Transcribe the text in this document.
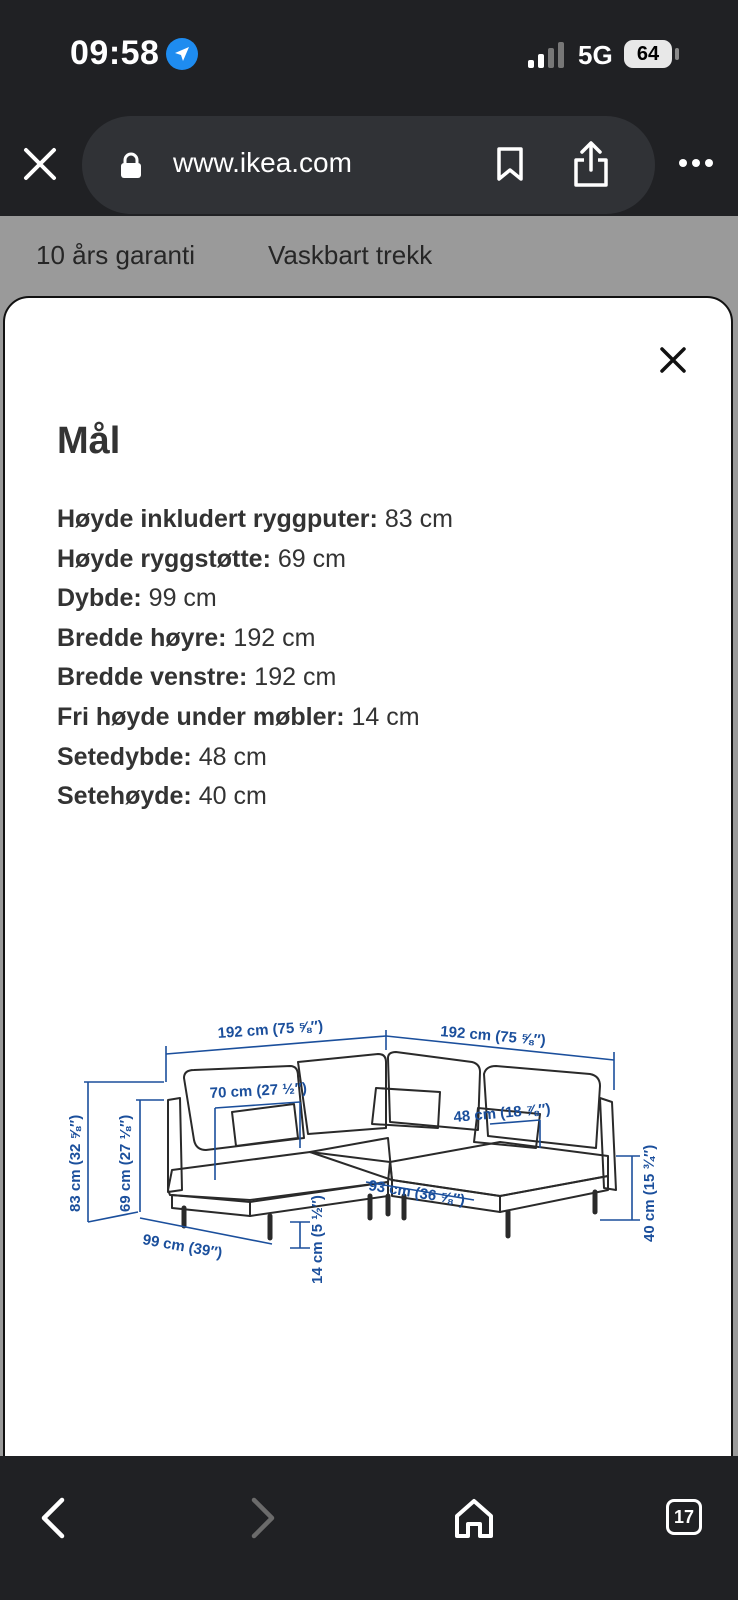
09:58	5G	64
www.ikea.com
10 års garanti	Vaskbart trekk
Mål
Høyde inkludert ryggputer: 83 cm
Høyde ryggstøtte: 69 cm
Dybde: 99 cm
Bredde høyre: 192 cm
Bredde venstre: 192 cm
Fri høyde under møbler: 14 cm
Setedybde: 48 cm
Setehøyde: 40 cm
192 cm (75 ⅝″)	192 cm (75 ⅝″)
70 cm (27 ½″)
48 cm (18 ⅞″)
83 cm (32 ⅝″) 69 cm (27 ⅛″)
99 cm (39″)
93 cm (36 ⅝″)
14 cm (5 ½″)	40 cm (15 ¾″)
17
